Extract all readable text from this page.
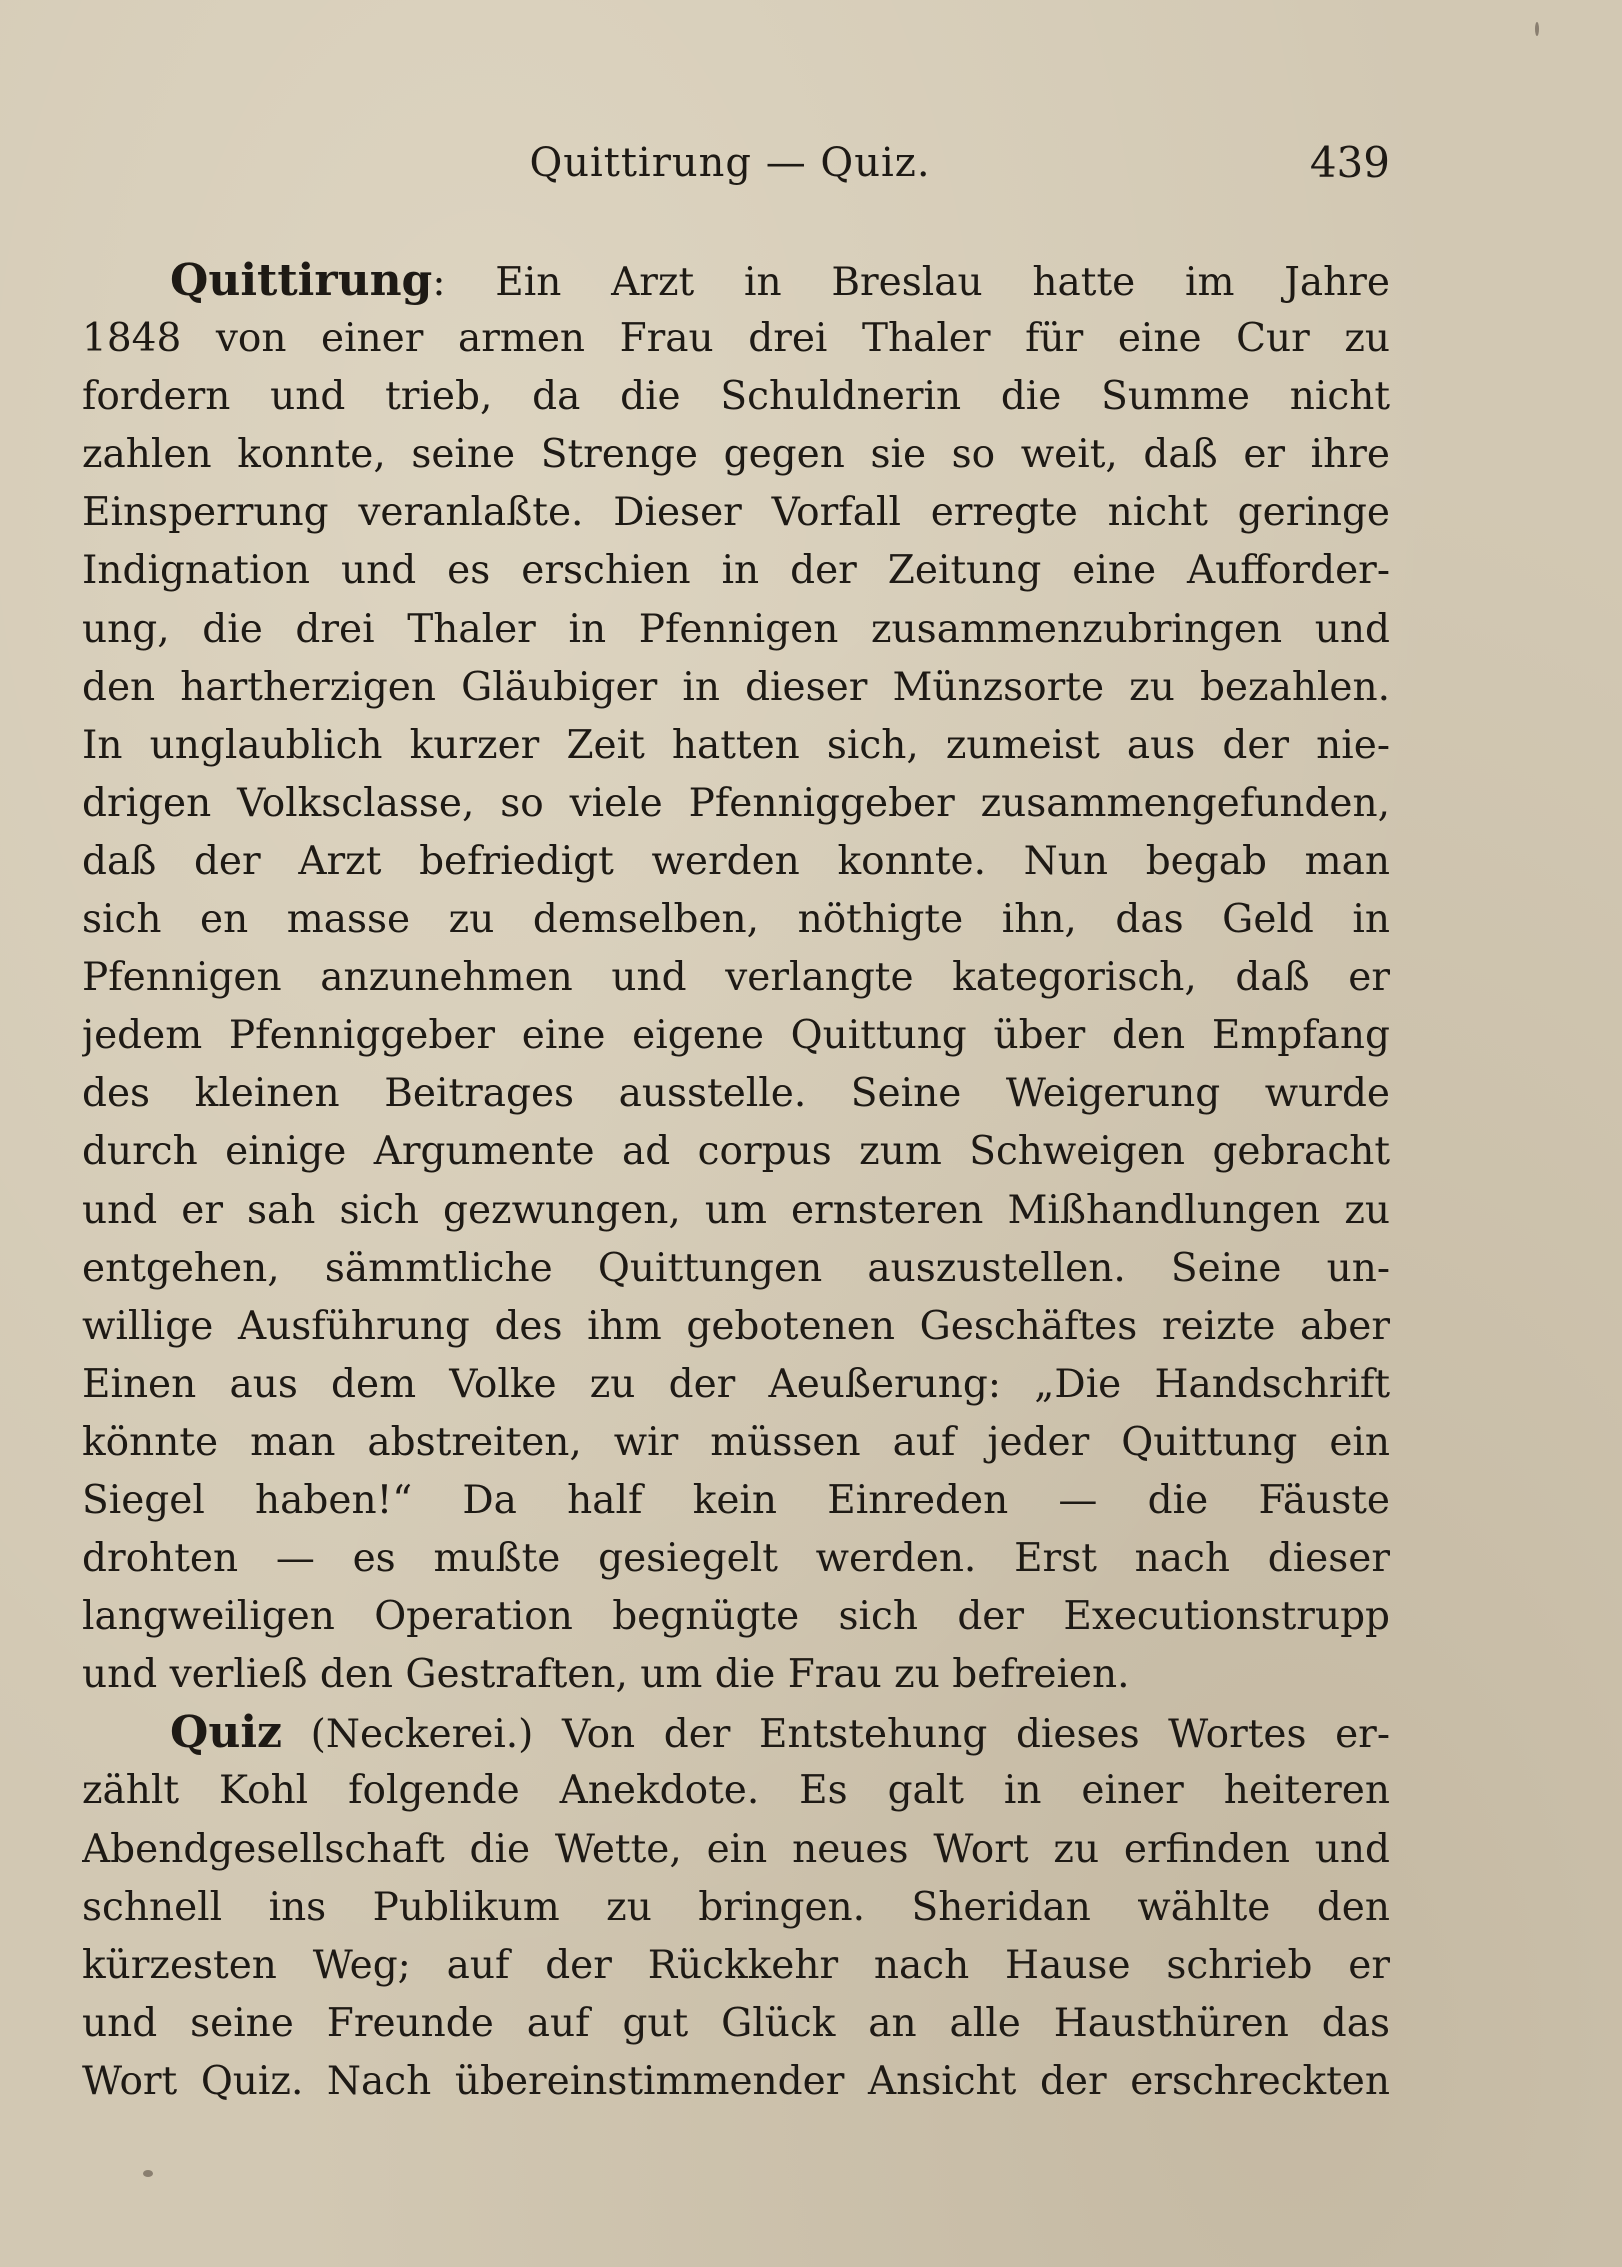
Quittirung — Quiz.	439
Quittirung: Ein Arzt in Breslau hatte im Jahre
1848 von einer armen Frau drei Thaler für eine Cur zu
fordern und trieb, da die Schuldnerin die Summe nicht
zahlen konnte, seine Strenge gegen sie so weit, daß er ihre
Einsperrung veranlaßte. Dieser Vorfall erregte nicht geringe
Indignation und es erschien in der Zeitung eine Aufforder-
ung, die drei Thaler in Pfennigen zusammenzubringen und
den hartherzigen Gläubiger in dieser Münzsorte zu bezahlen.
In unglaublich kurzer Zeit hatten sich, zumeist aus der nie-
drigen Volksclasse, so viele Pfenniggeber zusammengefunden,
daß der Arzt befriedigt werden konnte. Nun begab man
sich en masse zu demselben, nöthigte ihn, das Geld in
Pfennigen anzunehmen und verlangte kategorisch, daß er
jedem Pfenniggeber eine eigene Quittung über den Empfang
des kleinen Beitrages ausstelle. Seine Weigerung wurde
durch einige Argumente ad corpus zum Schweigen gebracht
und er sah sich gezwungen, um ernsteren Mißhandlungen zu
entgehen, sämmtliche Quittungen auszustellen. Seine un-
willige Ausführung des ihm gebotenen Geschäftes reizte aber
Einen aus dem Volke zu der Aeußerung: „Die Handschrift
könnte man abstreiten, wir müssen auf jeder Quittung ein
Siegel haben!“ Da half kein Einreden — die Fäuste
drohten — es mußte gesiegelt werden. Erst nach dieser
langweiligen Operation begnügte sich der Executionstrupp
und verließ den Gestraften, um die Frau zu befreien.
Quiz (Neckerei.) Von der Entstehung dieses Wortes er-
zählt Kohl folgende Anekdote. Es galt in einer heiteren
Abendgesellschaft die Wette, ein neues Wort zu erfinden und
schnell ins Publikum zu bringen. Sheridan wählte den
kürzesten Weg; auf der Rückkehr nach Hause schrieb er
und seine Freunde auf gut Glück an alle Hausthüren das
Wort Quiz. Nach übereinstimmender Ansicht der erschreckten
